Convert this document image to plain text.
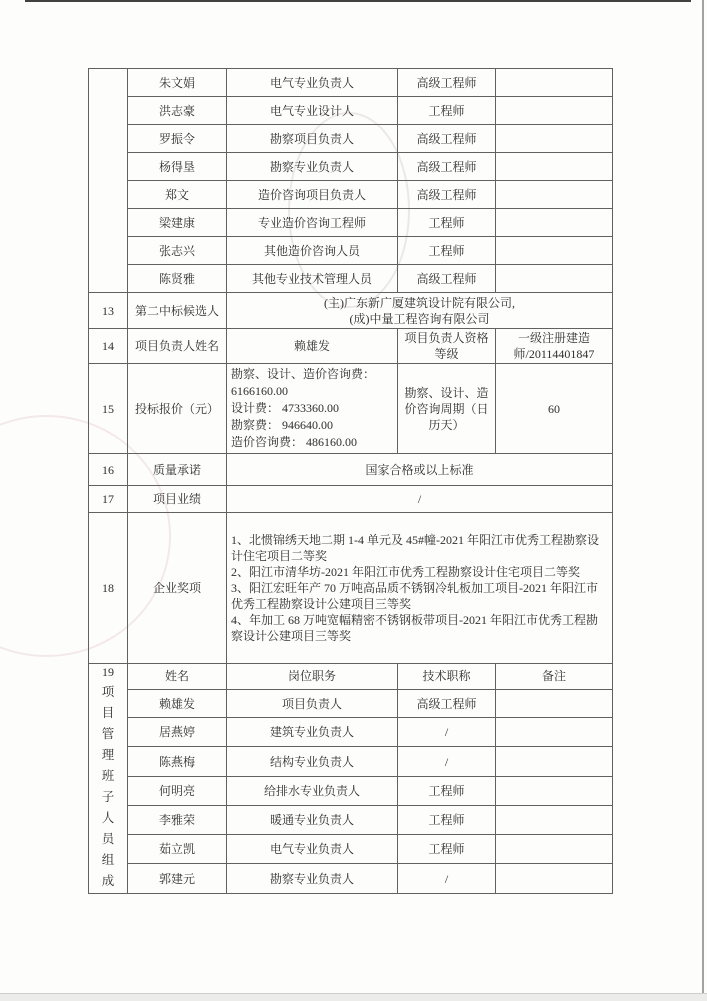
	朱文娟	电气专业负责人	高级工程师	
	洪志豪	电气专业设计人	工程师	
	罗振令	勘察项目负责人	高级工程师	
	杨得垦	勘察专业负责人	高级工程师	
	郑文	造价咨询项目负责人	高级工程师	
	梁建康	专业造价咨询工程师	工程师	
	张志兴	其他造价咨询人员	工程师	
	陈贤雅	其他专业技术管理人员	高级工程师	
13	第二中标候选人	(主)广东新广厦建筑设计院有限公司,
(成)中量工程咨询有限公司		

14	项目负责人姓名	赖雄发	项目负责人资格等级	一级注册建造师/20114401847
15	投标报价（元）	勘察、设计、造价咨询费： 6166160.00
设计费： 4733360.00
勘察费： 946640.00
造价咨询费： 486160.00	勘察、设计、造价咨询周期（日历天）	60
16	质量承诺	国家合格或以上标准		
17	项目业绩	/		
18	企业奖项	1、北惯锦绣天地二期 1-4 单元及 45#幢-2021 年阳江市优秀工程勘察设计住宅项目二等奖
2、阳江市清华坊-2021 年阳江市优秀工程勘察设计住宅项目二等奖
3、阳江宏旺年产 70 万吨高品质不锈钢冷轧板加工项目-2021 年阳江市优秀工程勘察设计公建项目三等奖
4、年加工 68 万吨宽幅精密不锈钢板带项目-2021 年阳江市优秀工程勘察设计公建项目三等奖		

19
项目管理班子人员组成	姓名	岗位职务	技术职称	备注
	赖雄发	项目负责人	高级工程师	
	居燕婷	建筑专业负责人	/	
	陈燕梅	结构专业负责人	/	
	何明亮	给排水专业负责人	工程师	
	李雅荣	暖通专业负责人	工程师	
	茹立凯	电气专业负责人	工程师	
	郭建元	勘察专业负责人	/	
